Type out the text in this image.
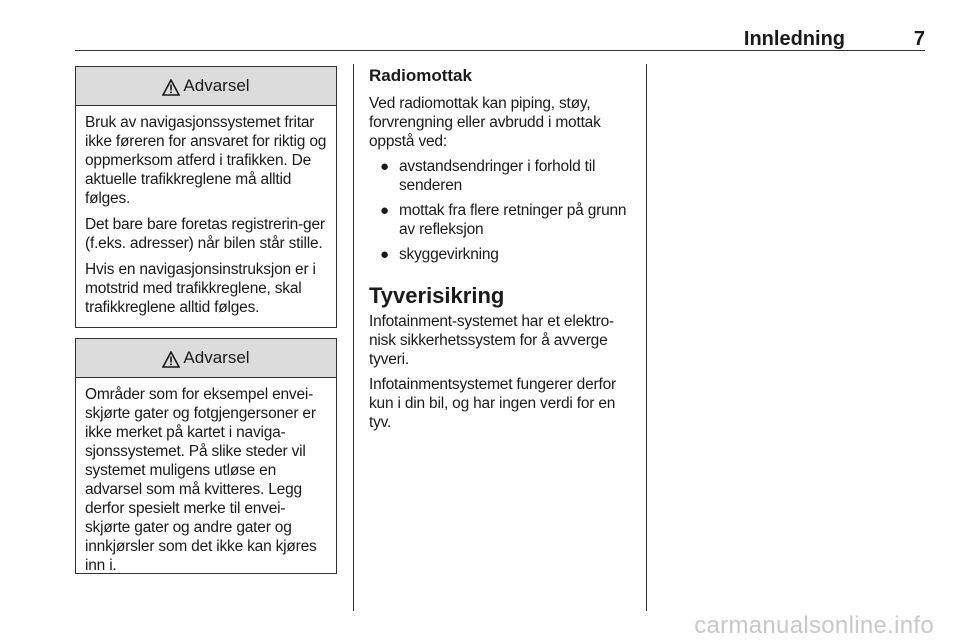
Innledning	7
Advarsel

Bruk av navigasjonssystemet fritar ikke føreren for ansvaret for riktig og oppmerksom atferd i trafikken. De aktuelle trafikkreglene må alltid følges.

Det bare bare foretas registrerin-ger (f.eks. adresser) når bilen står stille.

Hvis en navigasjonsinstruksjon er i motstrid med trafikkreglene, skal trafikkreglene alltid følges.

Advarsel

Områder som for eksempel envei-skjørte gater og fotgjengersoner er ikke merket på kartet i naviga-sjonssystemet. På slike steder vil systemet muligens utløse en advarsel som må kvitteres. Legg derfor spesielt merke til envei-skjørte gater og andre gater og innkjørsler som det ikke kan kjøres inn i.

Radiomottak

Ved radiomottak kan piping, støy, forvrengning eller avbrudd i mottak oppstå ved:

● avstandsendringer i forhold til senderen
● mottak fra flere retninger på grunn av refleksjon
● skyggevirkning
Tyverisikring

Infotainment-systemet har et elektro-nisk sikkerhetssystem for å avverge tyveri.

Infotainmentsystemet fungerer derfor kun i din bil, og har ingen verdi for en tyv.

carmanualsonline.info
